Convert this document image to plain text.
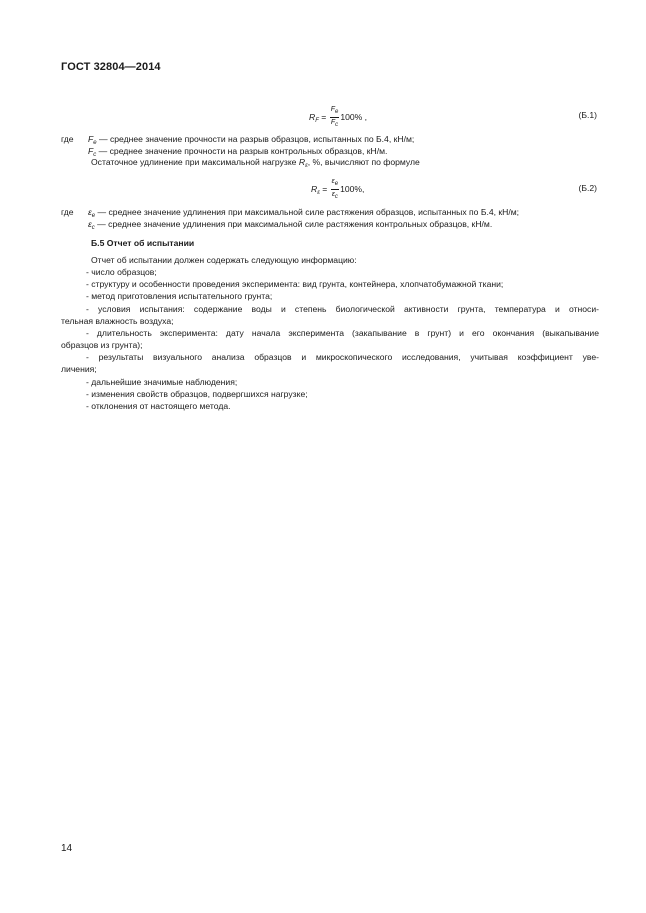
ГОСТ 32804—2014
$R_F = \frac{Fe}{Fc} 100\%$ ,	(Б.1)
где $F_e$ — среднее значение прочности на разрыв образцов, испытанных по Б.4, кН/м;
$F_c$ — среднее значение прочности на разрыв контрольных образцов, кН/м.
Остаточное удлинение при максимальной нагрузке $R_\varepsilon$, %, вычисляют по формуле
$R_\varepsilon = \frac{\varepsilon e}{\varepsilon c} 100\%$,	(Б.2)
где $\varepsilon_e$ — среднее значение удлинения при максимальной силе растяжения образцов, испытанных по Б.4, кН/м;
$\varepsilon_c$ — среднее значение удлинения при максимальной силе растяжения контрольных образцов, кН/м.
Б.5 Отчет об испытании
Отчет об испытании должен содержать следующую информацию:
- число образцов;
- структуру и особенности проведения эксперимента: вид грунта, контейнера, хлопчатобумажной ткани;
- метод приготовления испытательного грунта;
- условия испытания: содержание воды и степень биологической активности грунта, температура и относи-
тельная влажность воздуха;
- длительность эксперимента: дату начала эксперимента (закапывание в грунт) и его окончания (выкапывание
образцов из грунта);
- результаты визуального анализа образцов и микроскопического исследования, учитывая коэффициент уве-
личения;
- дальнейшие значимые наблюдения;
- изменения свойств образцов, подвергшихся нагрузке;
- отклонения от настоящего метода.
14
